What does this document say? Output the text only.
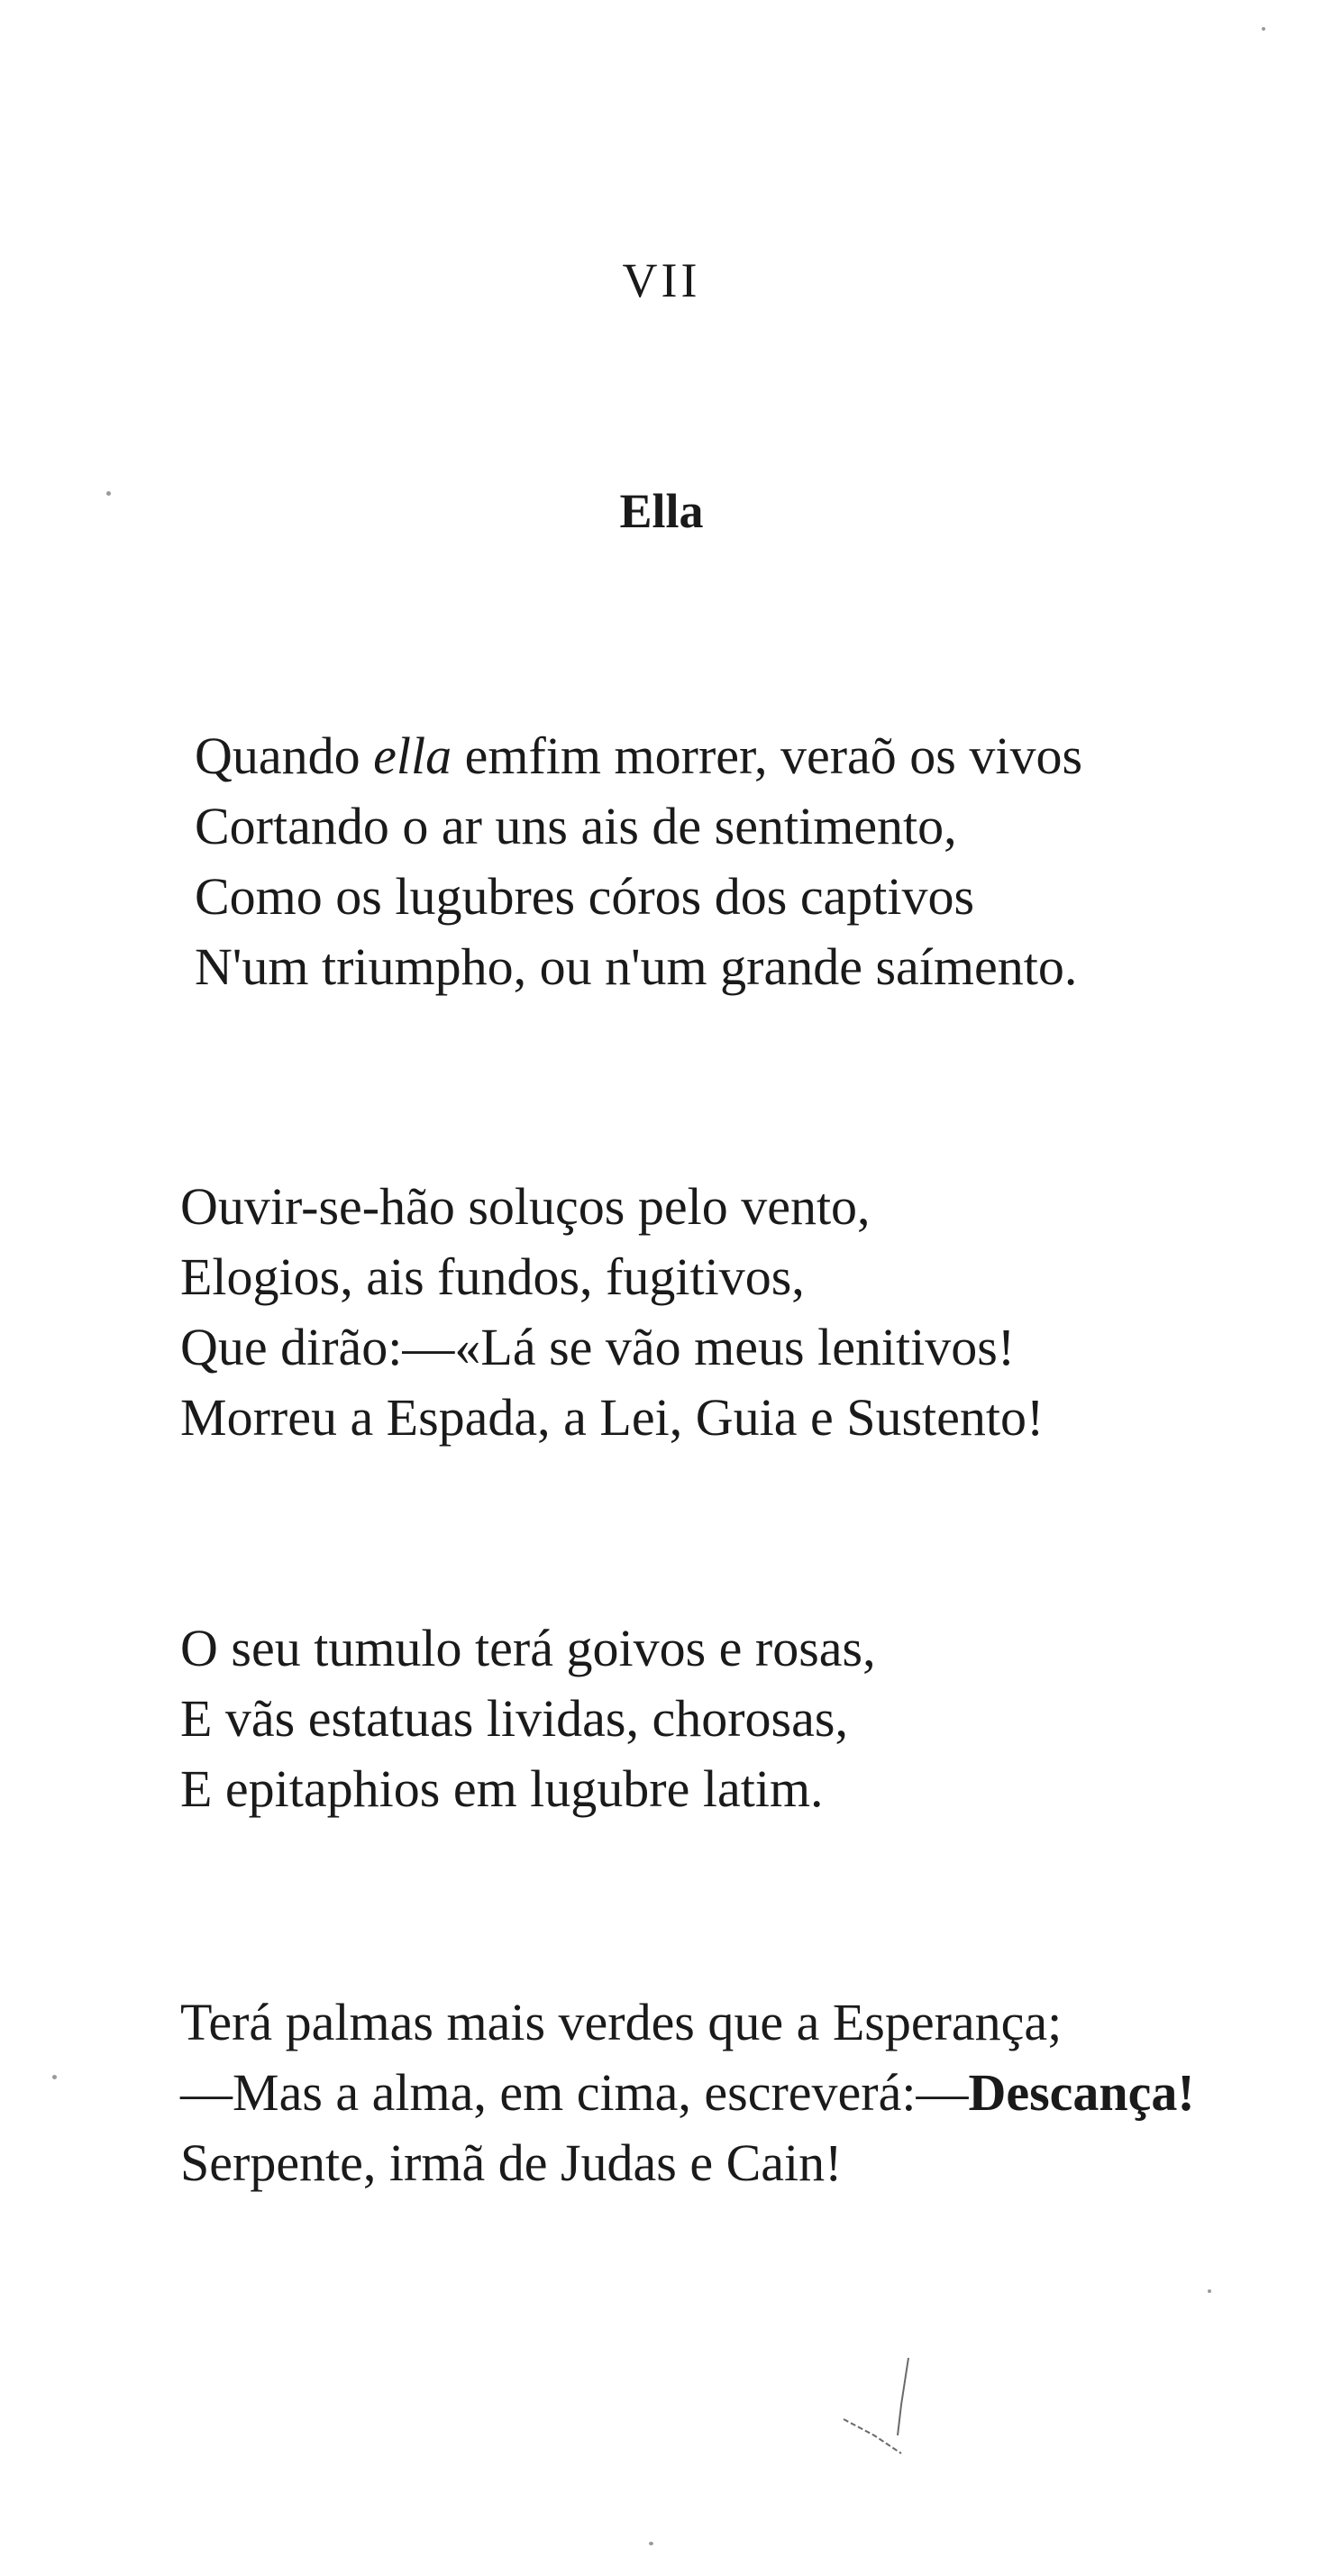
VII
Ella

Quando ella emfim morrer, veraõ os vivos
Cortando o ar uns ais de sentimento,
Como os lugubres córos dos captivos
N'um triumpho, ou n'um grande saímento.

Ouvir-se-hão soluços pelo vento,
Elogios, ais fundos, fugitivos,
Que dirão:—«Lá se vão meus lenitivos!
Morreu a Espada, a Lei, Guia e Sustento!

O seu tumulo terá goivos e rosas,
E vãs estatuas lividas, chorosas,
E epitaphios em lugubre latim.

Terá palmas mais verdes que a Esperança;
—Mas a alma, em cima, escreverá:—Descança!
Serpente, irmã de Judas e Cain!
